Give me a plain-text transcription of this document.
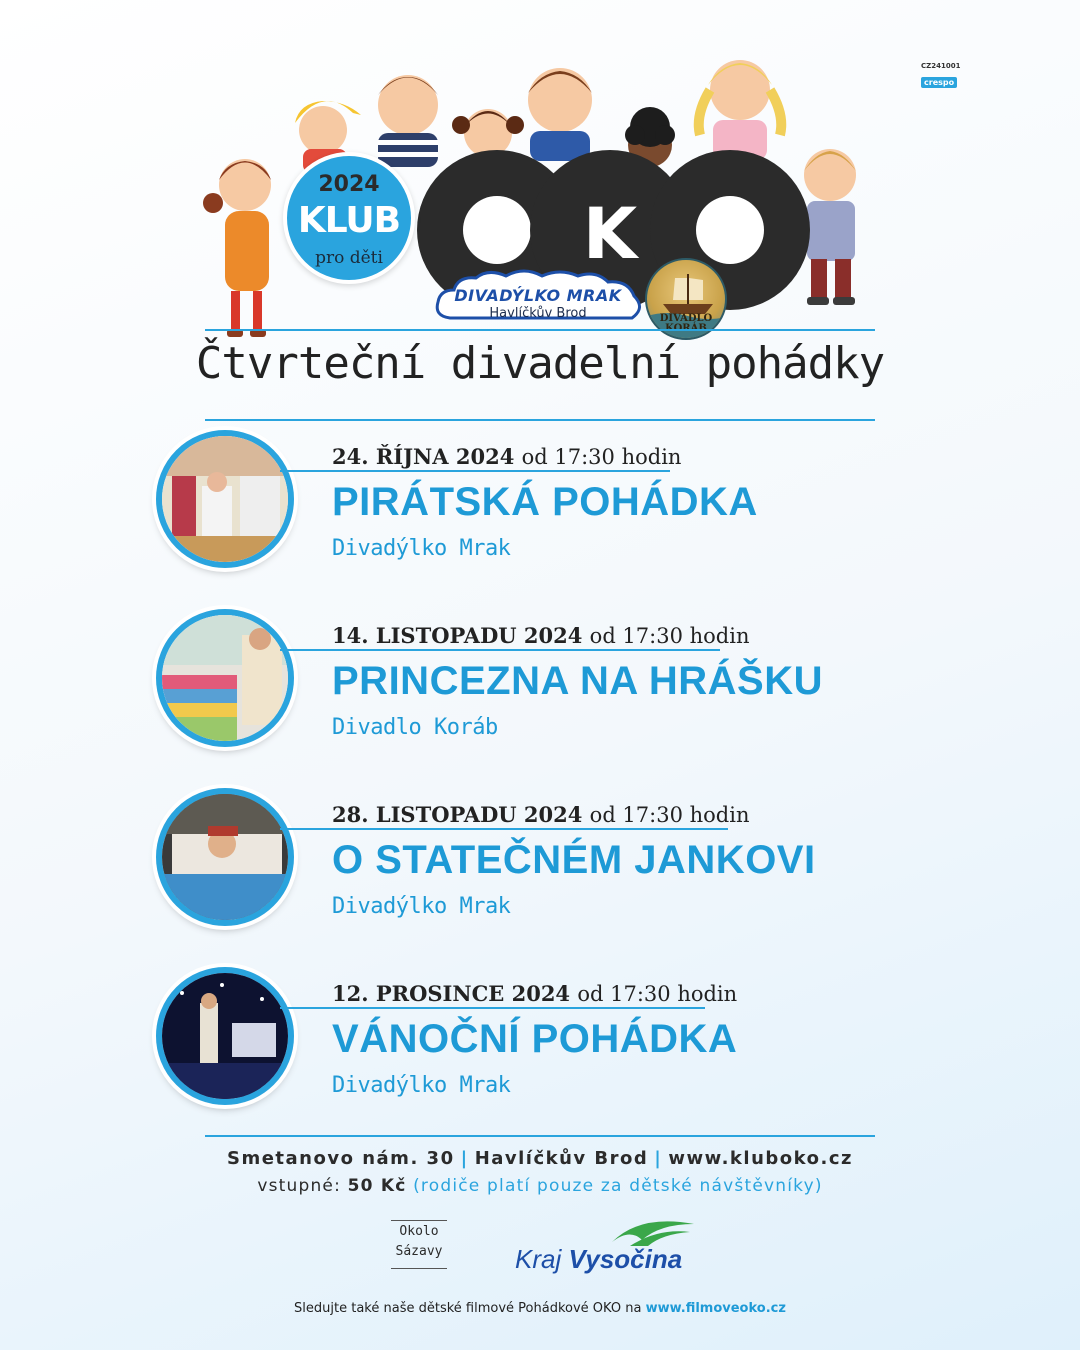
CZ241001
crespo
K
2024
KLUB
pro děti
DIVADÝLKO MRAK
Havlíčkův Brod	DIVADLO
Čtvrteční divadelní pohádky
24. ŘÍJNA 2024 od 17:30 hodin
PIRÁTSKÁ POHÁDKA
Divadýlko Mrak
14. LISTOPADU 2024 od 17:30 hodin
PRINCEZNA NA HRÁŠKU
Divadlo Koráb
28. LISTOPADU 2024 od 17:30 hodin
O STATEČNÉM JANKOVI
Divadýlko Mrak
12. PROSINCE 2024 od 17:30 hodin
VÁNOČNÍ POHÁDKA
Divadýlko Mrak
Smetanovo nám. 30 | Havlíčkův Brod | www.kluboko.cz
vstupné: 50 Kč (rodiče platí pouze za dětské návštěvníky)
Okolo
Sázavy	Kraj Vysočina
Sledujte také naše dětské filmové Pohádkové OKO na www.filmoveoko.cz
